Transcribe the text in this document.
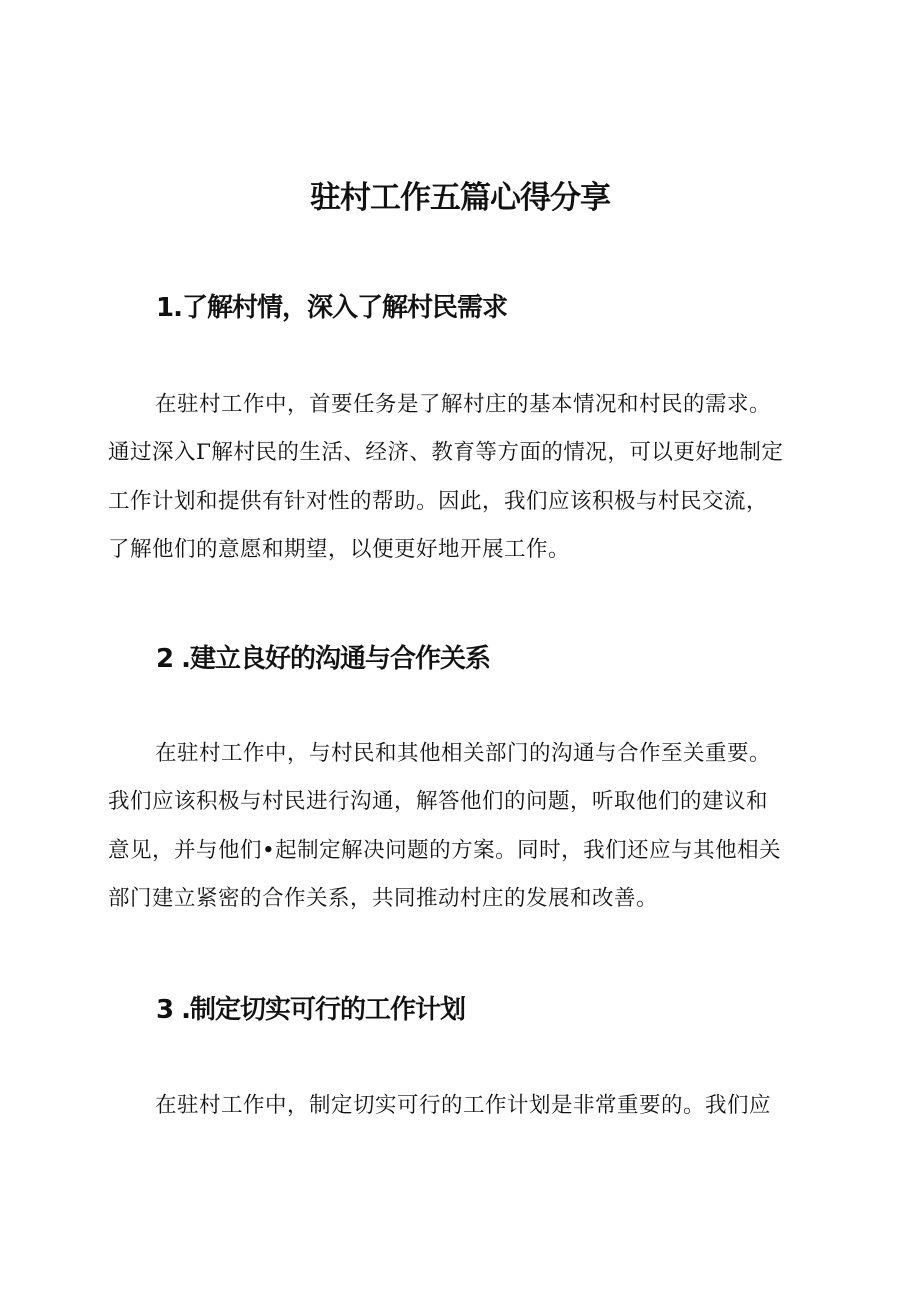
驻村工作五篇心得分享
1.了解村情，深入了解村民需求
在驻村工作中，首要任务是了解村庄的基本情况和村民的需求。
通过深入Γ解村民的生活、经济、教育等方面的情况，可以更好地制定
工作计划和提供有针对性的帮助。因此，我们应该积极与村民交流，
了解他们的意愿和期望，以便更好地开展工作。
2 .建立良好的沟通与合作关系
在驻村工作中，与村民和其他相关部门的沟通与合作至关重要。
我们应该积极与村民进行沟通，解答他们的问题，听取他们的建议和
意见，并与他们•起制定解决问题的方案。同时，我们还应与其他相关
部门建立紧密的合作关系，共同推动村庄的发展和改善。
3 .制定切实可行的工作计划
在驻村工作中，制定切实可行的工作计划是非常重要的。我们应
